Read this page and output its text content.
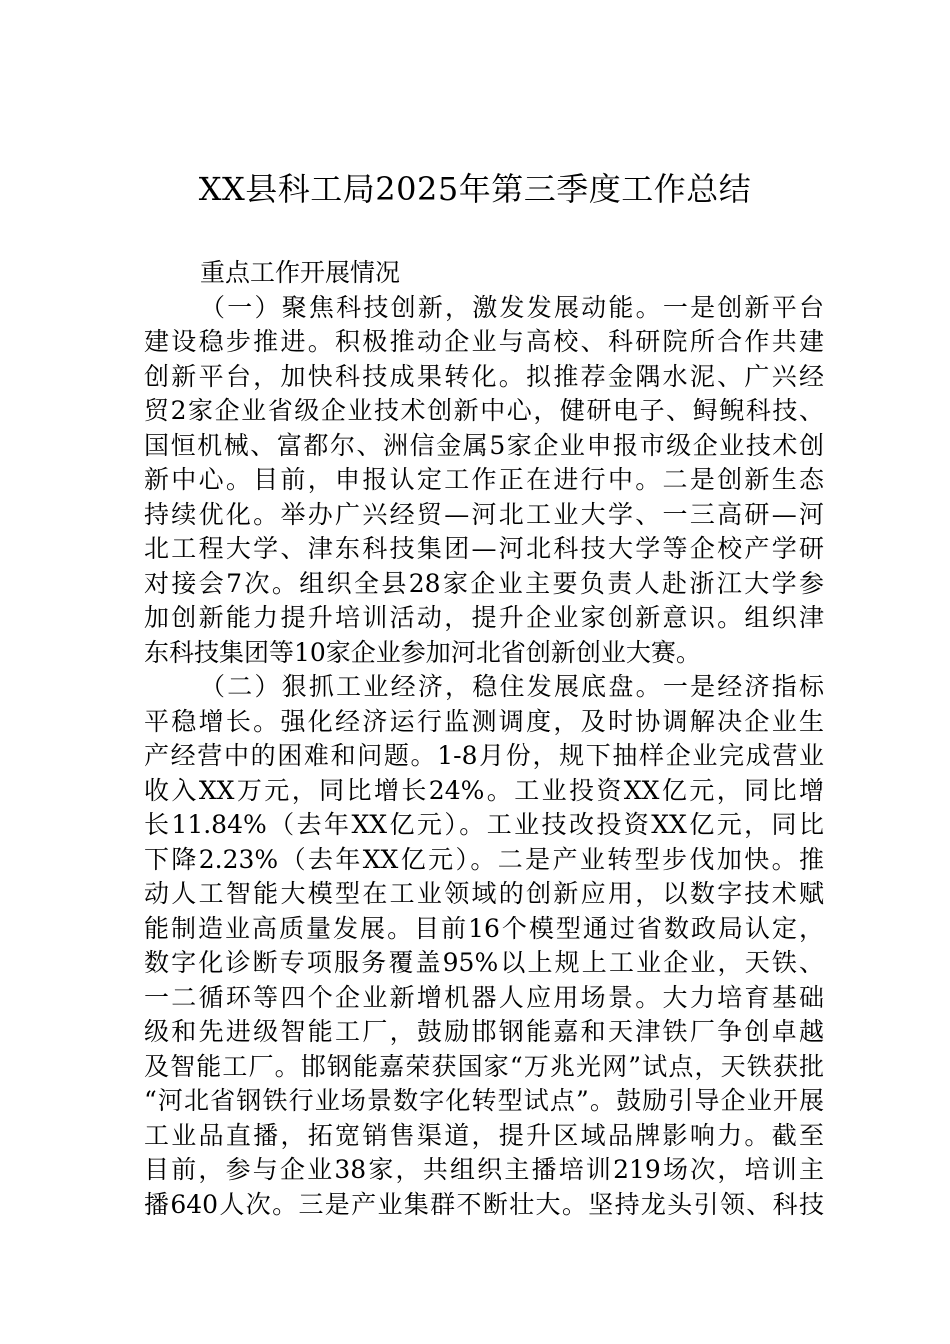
XX县科工局2025年第三季度工作总结
重点工作开展情况
（一）聚焦科技创新，激发发展动能。一是创新平台
建设稳步推进。积极推动企业与高校、科研院所合作共建
创新平台，加快科技成果转化。拟推荐金隅水泥、广兴经
贸2家企业省级企业技术创新中心，健研电子、鲟鲵科技、
国恒机械、富都尔、洲信金属5家企业申报市级企业技术创
新中心。目前，申报认定工作正在进行中。二是创新生态
持续优化。举办广兴经贸—河北工业大学、一三高研—河
北工程大学、津东科技集团—河北科技大学等企校产学研
对接会7次。组织全县28家企业主要负责人赴浙江大学参
加创新能力提升培训活动，提升企业家创新意识。组织津
东科技集团等10家企业参加河北省创新创业大赛。
（二）狠抓工业经济，稳住发展底盘。一是经济指标
平稳增长。强化经济运行监测调度，及时协调解决企业生
产经营中的困难和问题。1-8月份，规下抽样企业完成营业
收入XX万元，同比增长24%。工业投资XX亿元，同比增
长11.84%（去年XX亿元）。工业技改投资XX亿元，同比
下降2.23%（去年XX亿元）。二是产业转型步伐加快。推
动人工智能大模型在工业领域的创新应用，以数字技术赋
能制造业高质量发展。目前16个模型通过省数政局认定，
数字化诊断专项服务覆盖95%以上规上工业企业，天铁、
一二循环等四个企业新增机器人应用场景。大力培育基础
级和先进级智能工厂，鼓励邯钢能嘉和天津铁厂争创卓越
及智能工厂。邯钢能嘉荣获国家“万兆光网”试点，天铁获批
“河北省钢铁行业场景数字化转型试点”。鼓励引导企业开展
工业品直播，拓宽销售渠道，提升区域品牌影响力。截至
目前，参与企业38家，共组织主播培训219场次，培训主
播640人次。三是产业集群不断壮大。坚持龙头引领、科技
